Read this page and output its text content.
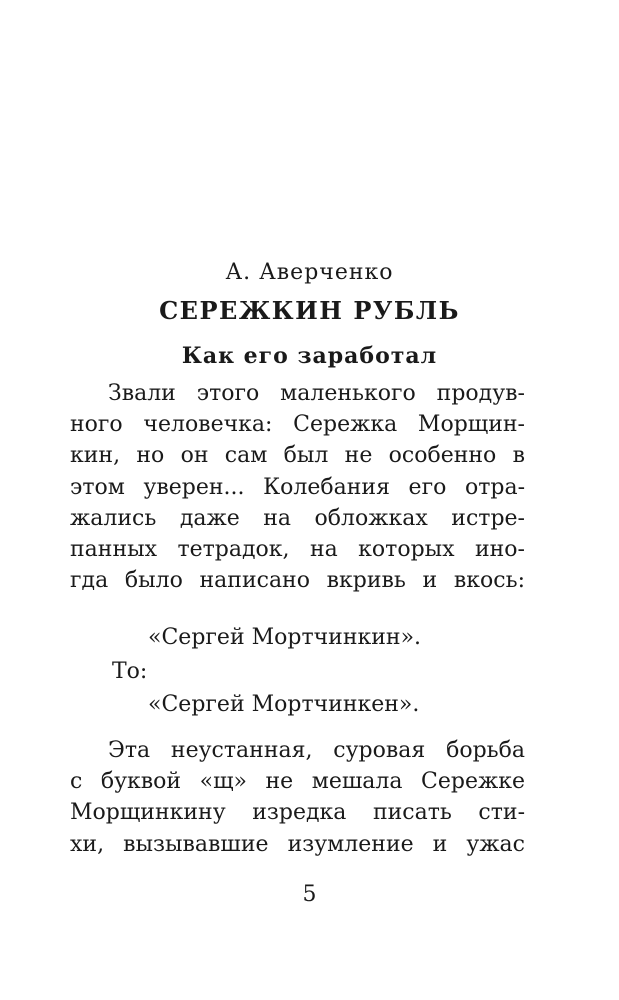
А. Аверченко
СЕРЕЖКИН РУБЛЬ
Как его заработал
Звали этого маленького продув-
ного человечка: Сережка Морщин-
кин, но он сам был не особенно в
этом уверен... Колебания его отра-
жались даже на обложках истре-
панных тетрадок, на которых ино-
гда было написано вкривь и вкось:
«Сергей Мортчинкин».
То:
«Сергей Мортчинкен».
Эта неустанная, суровая борьба
с буквой «щ» не мешала Сережке
Морщинкину изредка писать сти-
хи, вызывавшие изумление и ужас
5
